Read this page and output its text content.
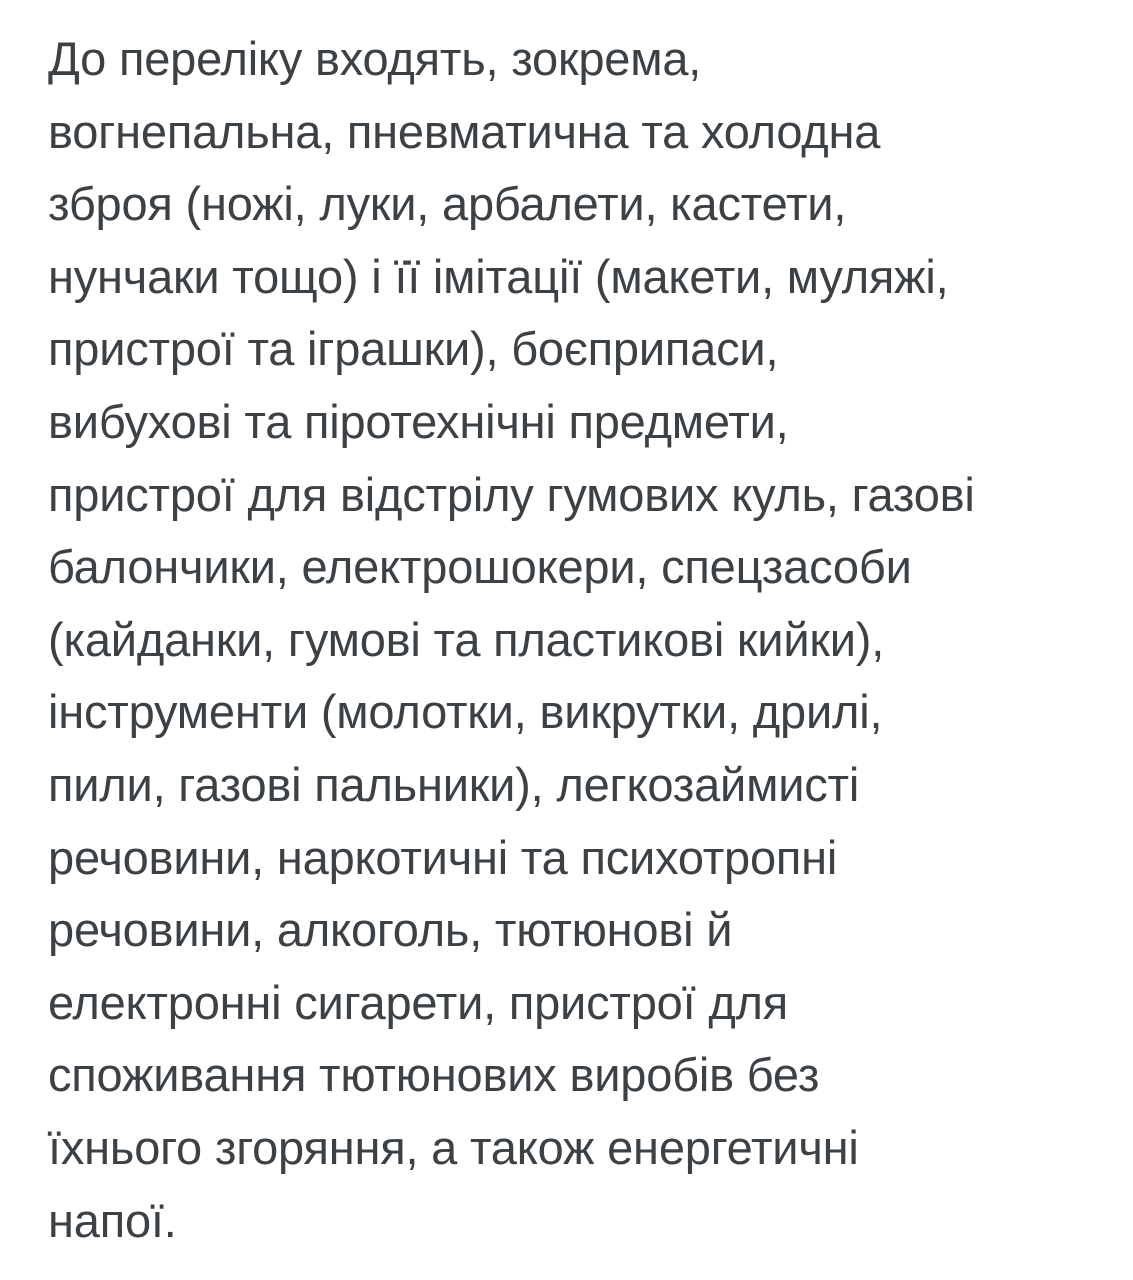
До переліку входять, зокрема,
вогнепальна, пневматична та холодна
зброя (ножі, луки, арбалети, кастети,
нунчаки тощо) і її імітації (макети, муляжі,
пристрої та іграшки), боєприпаси,
вибухові та піротехнічні предмети,
пристрої для відстрілу гумових куль, газові
балончики, електрошокери, спецзасоби
(кайданки, гумові та пластикові кийки),
інструменти (молотки, викрутки, дрилі,
пили, газові пальники), легкозаймисті
речовини, наркотичні та психотропні
речовини, алкоголь, тютюнові й
електронні сигарети, пристрої для
споживання тютюнових виробів без
їхнього згоряння, а також енергетичні
напої.
